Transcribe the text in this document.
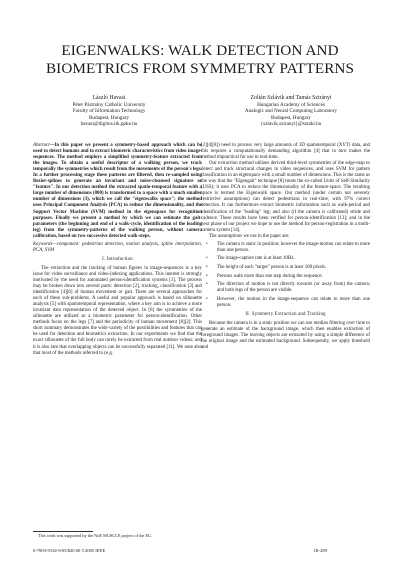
EIGENWALKS: WALK DETECTION AND
BIOMETRICS FROM SYMMETRY PATTERNS
László Havasi
Péter Pázmány Catholic University
Faculty of Information Technology
Budapest, Hungary
havasi@digitus.itk.ppke.hu
Zoltán Szlávik and Tamás Szirányi
Hungarian Academy of Sciences
Analogic and Neural Computing Laboratory
Budapest, Hungary
{szlavik,sziranyi}@sztaki.hu

Abstract—In this paper we present a symmetry-based approach which can be used to detect humans and to extract biometric characteristics from video image-sequences. The method employs a simplified symmetry-feature extracted from the images. To obtain a useful descriptor of a walking person, we track temporally the symmetries which result from the movements of the person's legs. In a further processing stage these patterns are filtered, then re-sampled using Bezier-splines to generate an invariant and noise-cleansed signature or "feature". In our detection method the extracted spatio-temporal feature with a large number of dimensions (800) is transformed to a space with a much smaller number of dimensions (3), which we call the "eigenwalks space"; the method uses Principal Component Analysis (PCA) to reduce the dimensionality, and the Support Vector Machine (SVM) method in the eigenspace for recognition purposes. Finally we present a method by which we can estimate the gait-parameters (the beginning and end of a walk-cycle, identification of the leading leg) from the symmetry-patterns of the walking person, without camera calibration, based on two successive detected walk-steps.

Keywords—component: pedestrian detection, motion analysis, spline interpolation, PCA, SVM

I. Introduction

The extraction and the tracking of human figures in image-sequences is a key issue for video surveillance and video-indexing applications. This interest is strongly motivated by the need for automated person-identification systems [1]. The process may be broken down into several parts: detection [2], tracking, classification [3] and identification [4][6] of human movement or gait. There are several approaches for each of these sub-problems. A useful and popular approach is based on silhouette analysis [5] with spatiotemporal representation, where a key aim is to achieve a more invariant data representation of the detected object. In [6] the symmetries of the silhouette are utilized as a biometric parameter for person-identification. Other methods focus on the legs [7] and the periodicity of human movement [8][2]. This short summary demonstrates the wide variety of the possibilities and features that can be used for detection and biometrics extraction. In our experiments we find that the exact silhouette of the full body can rarely be extracted from real outdoor videos; and it is also rare that overlapping objects can be successfully separated [11]. We note also that most of the methods referred to (e.g.

[2][4][8]) need to process very large amounts of 3D spatiotemporal (XYT) data, and this requires a computationally demanding algorithm [4] that in turn makes the method impractical for use in real-time.

Our extraction method utilizes derived third-level symmetries of the edge-map to detect and track structural changes in video sequences, and uses SVM for pattern classification in an eigenspace with a small number of dimensions. This is the same as the way that the "Eigengait" technique [8] treats the so-called Units of Self-Similarity (USS); it uses PCA to reduce the dimensionality of the feature-space. The resulting space is termed the Eigenwalk space. Our method (under certain not severely restrictive assumptions) can detect pedestrians in real-time, with 97% correct detection. It can furthermore extract biometric information such as walk-period and identification of the "leading" leg; and also (if the camera is calibrated) stride and cadence. These results have been verified for person-identification [13]; and in the next phase of our project we hope to use the method for person-registration in a multi-camera system [14].

The assumptions we use in the paper are:

• The camera is static in position; however the image-motion can relate to more than one person.
• The image-capture rate is at least 10Hz.
• The height of each "target" person is at least 100 pixels.
• Persons walk more than one step during the sequence.
• The direction of motion is not directly towards (or away from) the camera; and both legs of the person are visible.
• However, the motion in the image-sequence can relate to more than one person.

II. Symmetry Extraction and Tracking

Because the camera is in a static position we can use median filtering over time to generate an estimate of the background image, which then enables extraction of foreground images. The moving objects are extracted by using a simple difference of the original image and the estimated background. Subsequently, we apply threshold and

This work was supported by the NoE MUSCLE project of the EU.
0-7803-9134-9/05/$20.00 ©2005 IEEE	III-289
